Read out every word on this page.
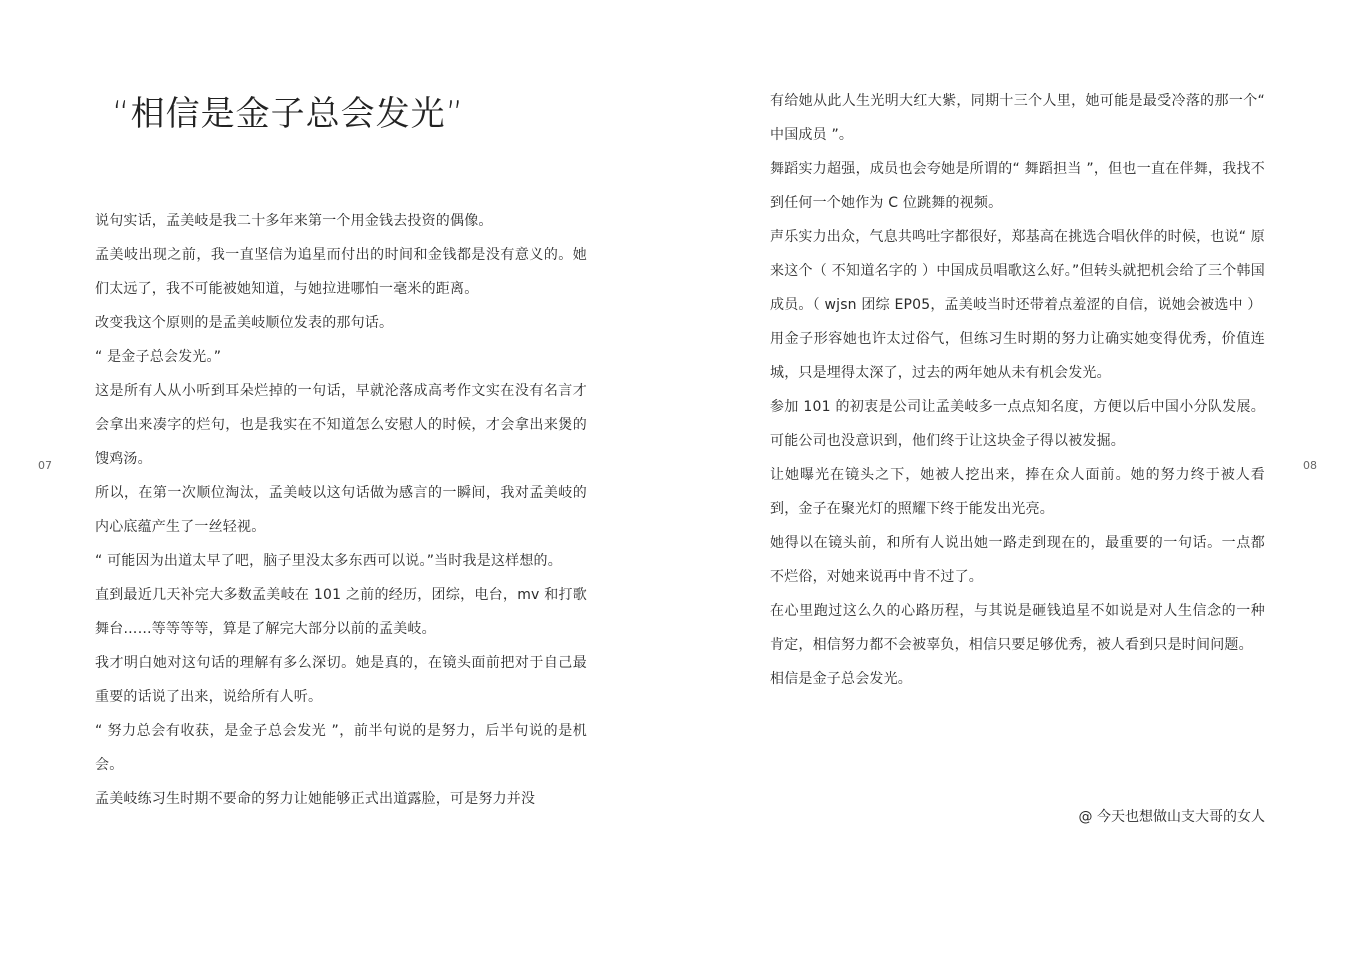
“相信是金子总会发光”

说句实话，孟美岐是我二十多年来第一个用金钱去投资的偶像。

孟美岐出现之前，我一直坚信为追星而付出的时间和金钱都是没有意义的。她们太远了，我不可能被她知道，与她拉进哪怕一毫米的距离。

改变我这个原则的是孟美岐顺位发表的那句话。

“ 是金子总会发光。”

这是所有人从小听到耳朵烂掉的一句话，早就沦落成高考作文实在没有名言才会拿出来凑字的烂句，也是我实在不知道怎么安慰人的时候，才会拿出来煲的馊鸡汤。

所以，在第一次顺位淘汰，孟美岐以这句话做为感言的一瞬间，我对孟美岐的内心底蕴产生了一丝轻视。

“ 可能因为出道太早了吧，脑子里没太多东西可以说。”当时我是这样想的。

直到最近几天补完大多数孟美岐在 101 之前的经历，团综，电台，mv 和打歌舞台……等等等等，算是了解完大部分以前的孟美岐。

我才明白她对这句话的理解有多么深切。她是真的，在镜头面前把对于自己最重要的话说了出来，说给所有人听。

“ 努力总会有收获，是金子总会发光 ”，前半句说的是努力，后半句说的是机会。

孟美岐练习生时期不要命的努力让她能够正式出道露脸，可是努力并没

07

有给她从此人生光明大红大紫，同期十三个人里，她可能是最受冷落的那一个“ 中国成员 ”。

舞蹈实力超强，成员也会夸她是所谓的“ 舞蹈担当 ”，但也一直在伴舞，我找不到任何一个她作为 C 位跳舞的视频。

声乐实力出众，气息共鸣吐字都很好，郑基高在挑选合唱伙伴的时候，也说“ 原来这个（ 不知道名字的 ）中国成员唱歌这么好。”但转头就把机会给了三个韩国成员。（ wjsn 团综 EP05，孟美岐当时还带着点羞涩的自信，说她会被选中 ）

用金子形容她也许太过俗气，但练习生时期的努力让确实她变得优秀，价值连城，只是埋得太深了，过去的两年她从未有机会发光。

参加 101 的初衷是公司让孟美岐多一点点知名度，方便以后中国小分队发展。可能公司也没意识到，他们终于让这块金子得以被发掘。

让她曝光在镜头之下，她被人挖出来，捧在众人面前。她的努力终于被人看到，金子在聚光灯的照耀下终于能发出光亮。

她得以在镜头前，和所有人说出她一路走到现在的，最重要的一句话。一点都不烂俗，对她来说再中肯不过了。

在心里跑过这么久的心路历程，与其说是砸钱追星不如说是对人生信念的一种肯定，相信努力都不会被辜负，相信只要足够优秀，被人看到只是时间问题。

相信是金子总会发光。

@ 今天也想做山支大哥的女人
08
